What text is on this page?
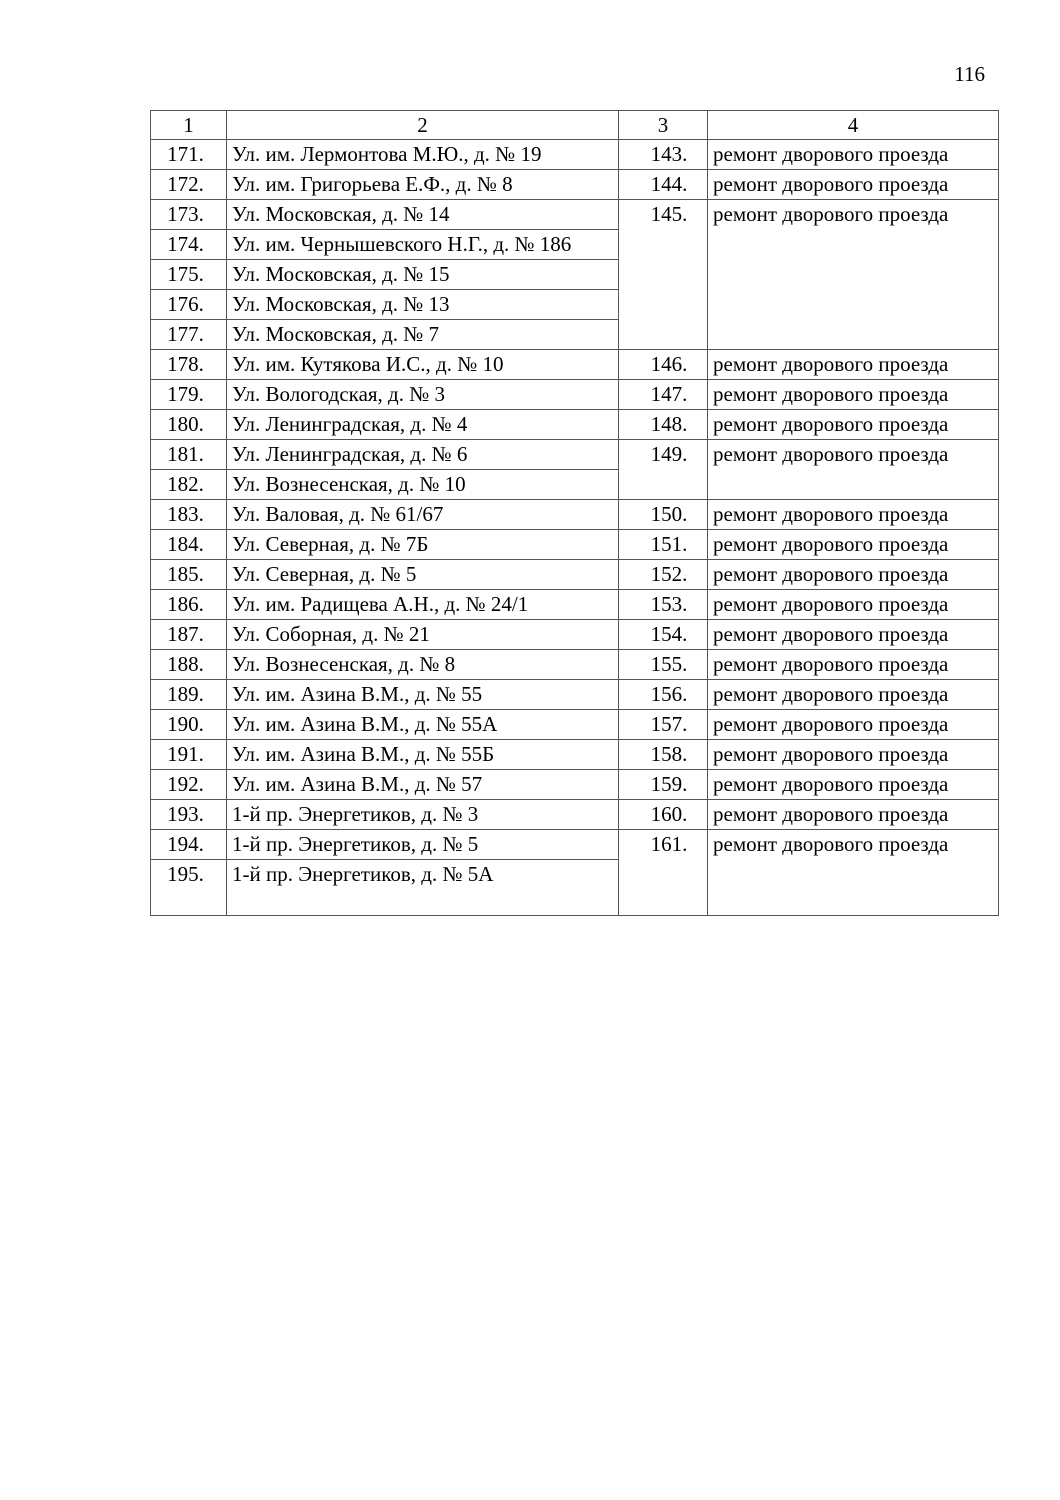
116
1	2	3	4
171.	Ул. им. Лермонтова М.Ю., д. № 19	143.	ремонт дворового проезда
172.	Ул. им. Григорьева Е.Ф., д. № 8	144.	ремонт дворового проезда
173.	Ул. Московская, д. № 14	145.	ремонт дворового проезда
174.	Ул. им. Чернышевского Н.Г., д. № 186		
175.	Ул. Московская, д. № 15		
176.	Ул. Московская, д. № 13		
177.	Ул. Московская, д. № 7		
178.	Ул. им. Кутякова И.С., д. № 10	146.	ремонт дворового проезда
179.	Ул. Вологодская, д. № 3	147.	ремонт дворового проезда
180.	Ул. Ленинградская, д. № 4	148.	ремонт дворового проезда
181.	Ул. Ленинградская, д. № 6	149.	ремонт дворового проезда
182.	Ул. Вознесенская, д. № 10		
183.	Ул. Валовая, д. № 61/67	150.	ремонт дворового проезда
184.	Ул. Северная, д. № 7Б	151.	ремонт дворового проезда
185.	Ул. Северная, д. № 5	152.	ремонт дворового проезда
186.	Ул. им. Радищева А.Н., д. № 24/1	153.	ремонт дворового проезда
187.	Ул. Соборная, д. № 21	154.	ремонт дворового проезда
188.	Ул. Вознесенская, д. № 8	155.	ремонт дворового проезда
189.	Ул. им. Азина В.М., д. № 55	156.	ремонт дворового проезда
190.	Ул. им. Азина В.М., д. № 55А	157.	ремонт дворового проезда
191.	Ул. им. Азина В.М., д. № 55Б	158.	ремонт дворового проезда
192.	Ул. им. Азина В.М., д. № 57	159.	ремонт дворового проезда
193.	1-й пр. Энергетиков, д. № 3	160.	ремонт дворового проезда
194.	1-й пр. Энергетиков, д. № 5	161.	ремонт дворового проезда
195.	1-й пр. Энергетиков, д. № 5А		
